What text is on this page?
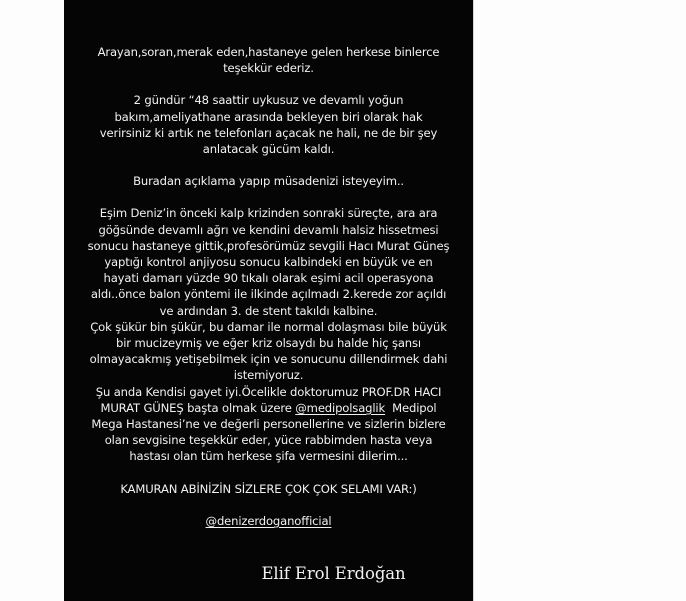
Arayan,soran,merak eden,hastaneye gelen herkese binlerce
teşekkür ederiz.
2 gündür “48 saattir uykusuz ve devamlı yoğun
bakım,ameliyathane arasında bekleyen biri olarak hak
verirsiniz ki artık ne telefonları açacak ne hali, ne de bir şey
anlatacak gücüm kaldı.
Buradan açıklama yapıp müsadenizi isteyeyim..
Eşim Deniz’in önceki kalp krizinden sonraki süreçte, ara ara
göğsünde devamlı ağrı ve kendini devamlı halsiz hissetmesi
sonucu hastaneye gittik,profesörümüz sevgili Hacı Murat Güneş
yaptığı kontrol anjiyosu sonucu kalbindeki en büyük ve en
hayati damarı yüzde 90 tıkalı olarak eşimi acil operasyona
aldı..önce balon yöntemi ile ilkinde açılmadı 2.kerede zor açıldı
ve ardından 3. de stent takıldı kalbine.
Çok şükür bin şükür, bu damar ile normal dolaşması bile büyük
bir mucizeymiş ve eğer kriz olsaydı bu halde hiç şansı
olmayacakmış yetişebilmek için ve sonucunu dillendirmek dahi
istemiyoruz.
Şu anda Kendisi gayet iyi.Öcelikle doktorumuz PROF.DR HACI
MURAT GÜNEŞ başta olmak üzere @medipolsaglik Medipol
Mega Hastanesi’ne ve değerli personellerine ve sizlerin bizlere
olan sevgisine teşekkür eder, yüce rabbimden hasta veya
hastası olan tüm herkese şifa vermesini dilerim...
KAMURAN ABİNİZİN SİZLERE ÇOK ÇOK SELAMI VAR:)
@denizerdoganofficial
Elif Erol Erdoğan
